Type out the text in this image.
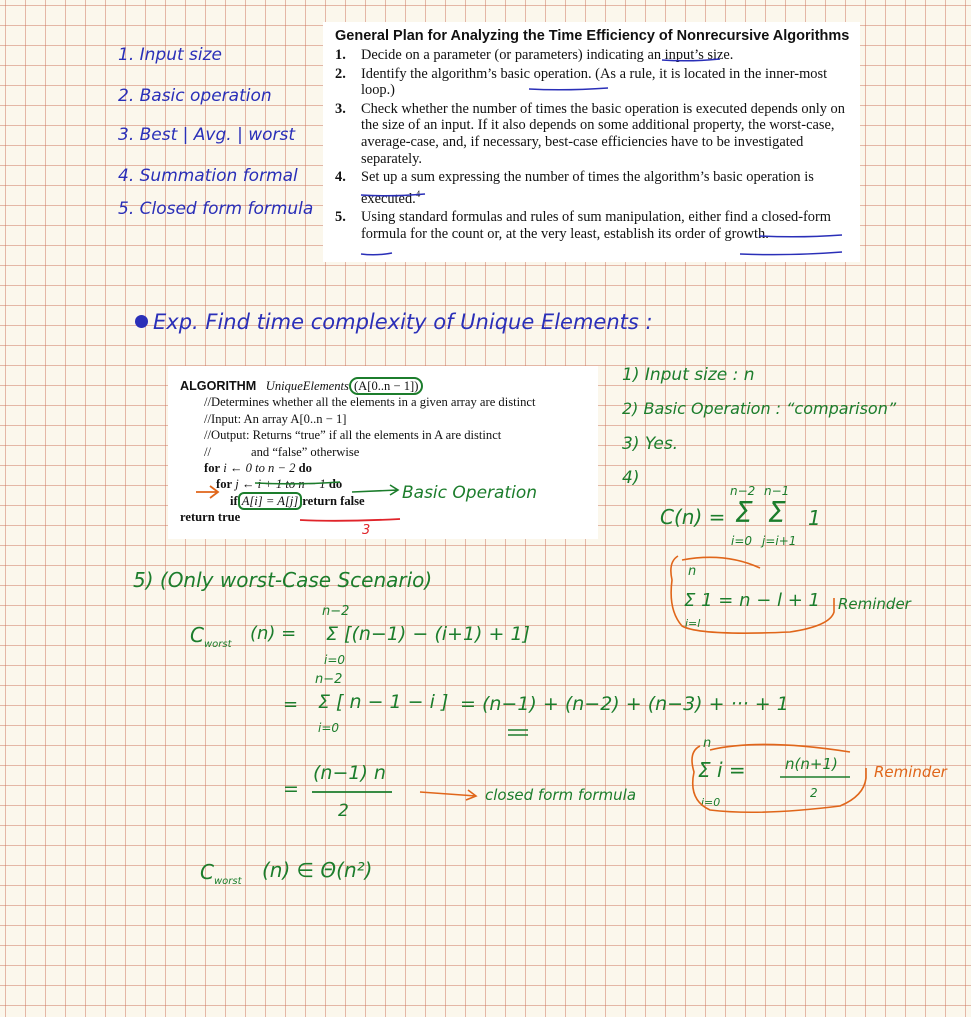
1. Input size
2. Basic operation
3. Best | Avg. | worst
4. Summation formal
5. Closed form formula
General Plan for Analyzing the Time Efficiency of Nonrecursive Algorithms
1. Decide on a parameter (or parameters) indicating an input’s size.
2. Identify the algorithm’s basic operation. (As a rule, it is located in the inner-most loop.)
3. Check whether the number of times the basic operation is executed depends only on the size of an input. If it also depends on some additional property, the worst-case, average-case, and, if necessary, best-case efficiencies have to be investigated separately.
4. Set up a sum expressing the number of times the algorithm’s basic operation is executed.$^4$
5. Using standard formulas and rules of sum manipulation, either find a closed-form formula for the count or, at the very least, establish its order of growth.
Exp. Find time complexity of Unique Elements :
ALGORITHM UniqueElements (A[0..n − 1])
//Determines whether all the elements in a given array are distinct
//Input: An array A[0..n − 1]
//Output: Returns “true” if all the elements in A are distinct
//	and “false” otherwise
for i ← 0 to n − 2 do
for j ← i + 1 to n − 1 do
if A[i] = A[j] return false
return true
Basic Operation
3
1) Input size : n
2) Basic Operation : “comparison”
3) Yes.
4)
C(n) =
n−2
Σ
i=0
n−1
Σ
j=i+1
1
n
i=l
Σ 1 = n − l + 1 Reminder
n
Σ i =
i=0
n(n+1)
2
Reminder
5) (Only worst-Case Scenario)
$C_{worst}$
(n) =
n−2
Σ [(n−1) − (i+1) + 1]
i=0
=
n−2
Σ [ n − 1 − i ]
i=0
= (n−1) + (n−2) + (n−3) + ··· + 1
=
(n−1) n
2
closed form formula
$C_{worst}$ (n) ∈ Θ(n²)
